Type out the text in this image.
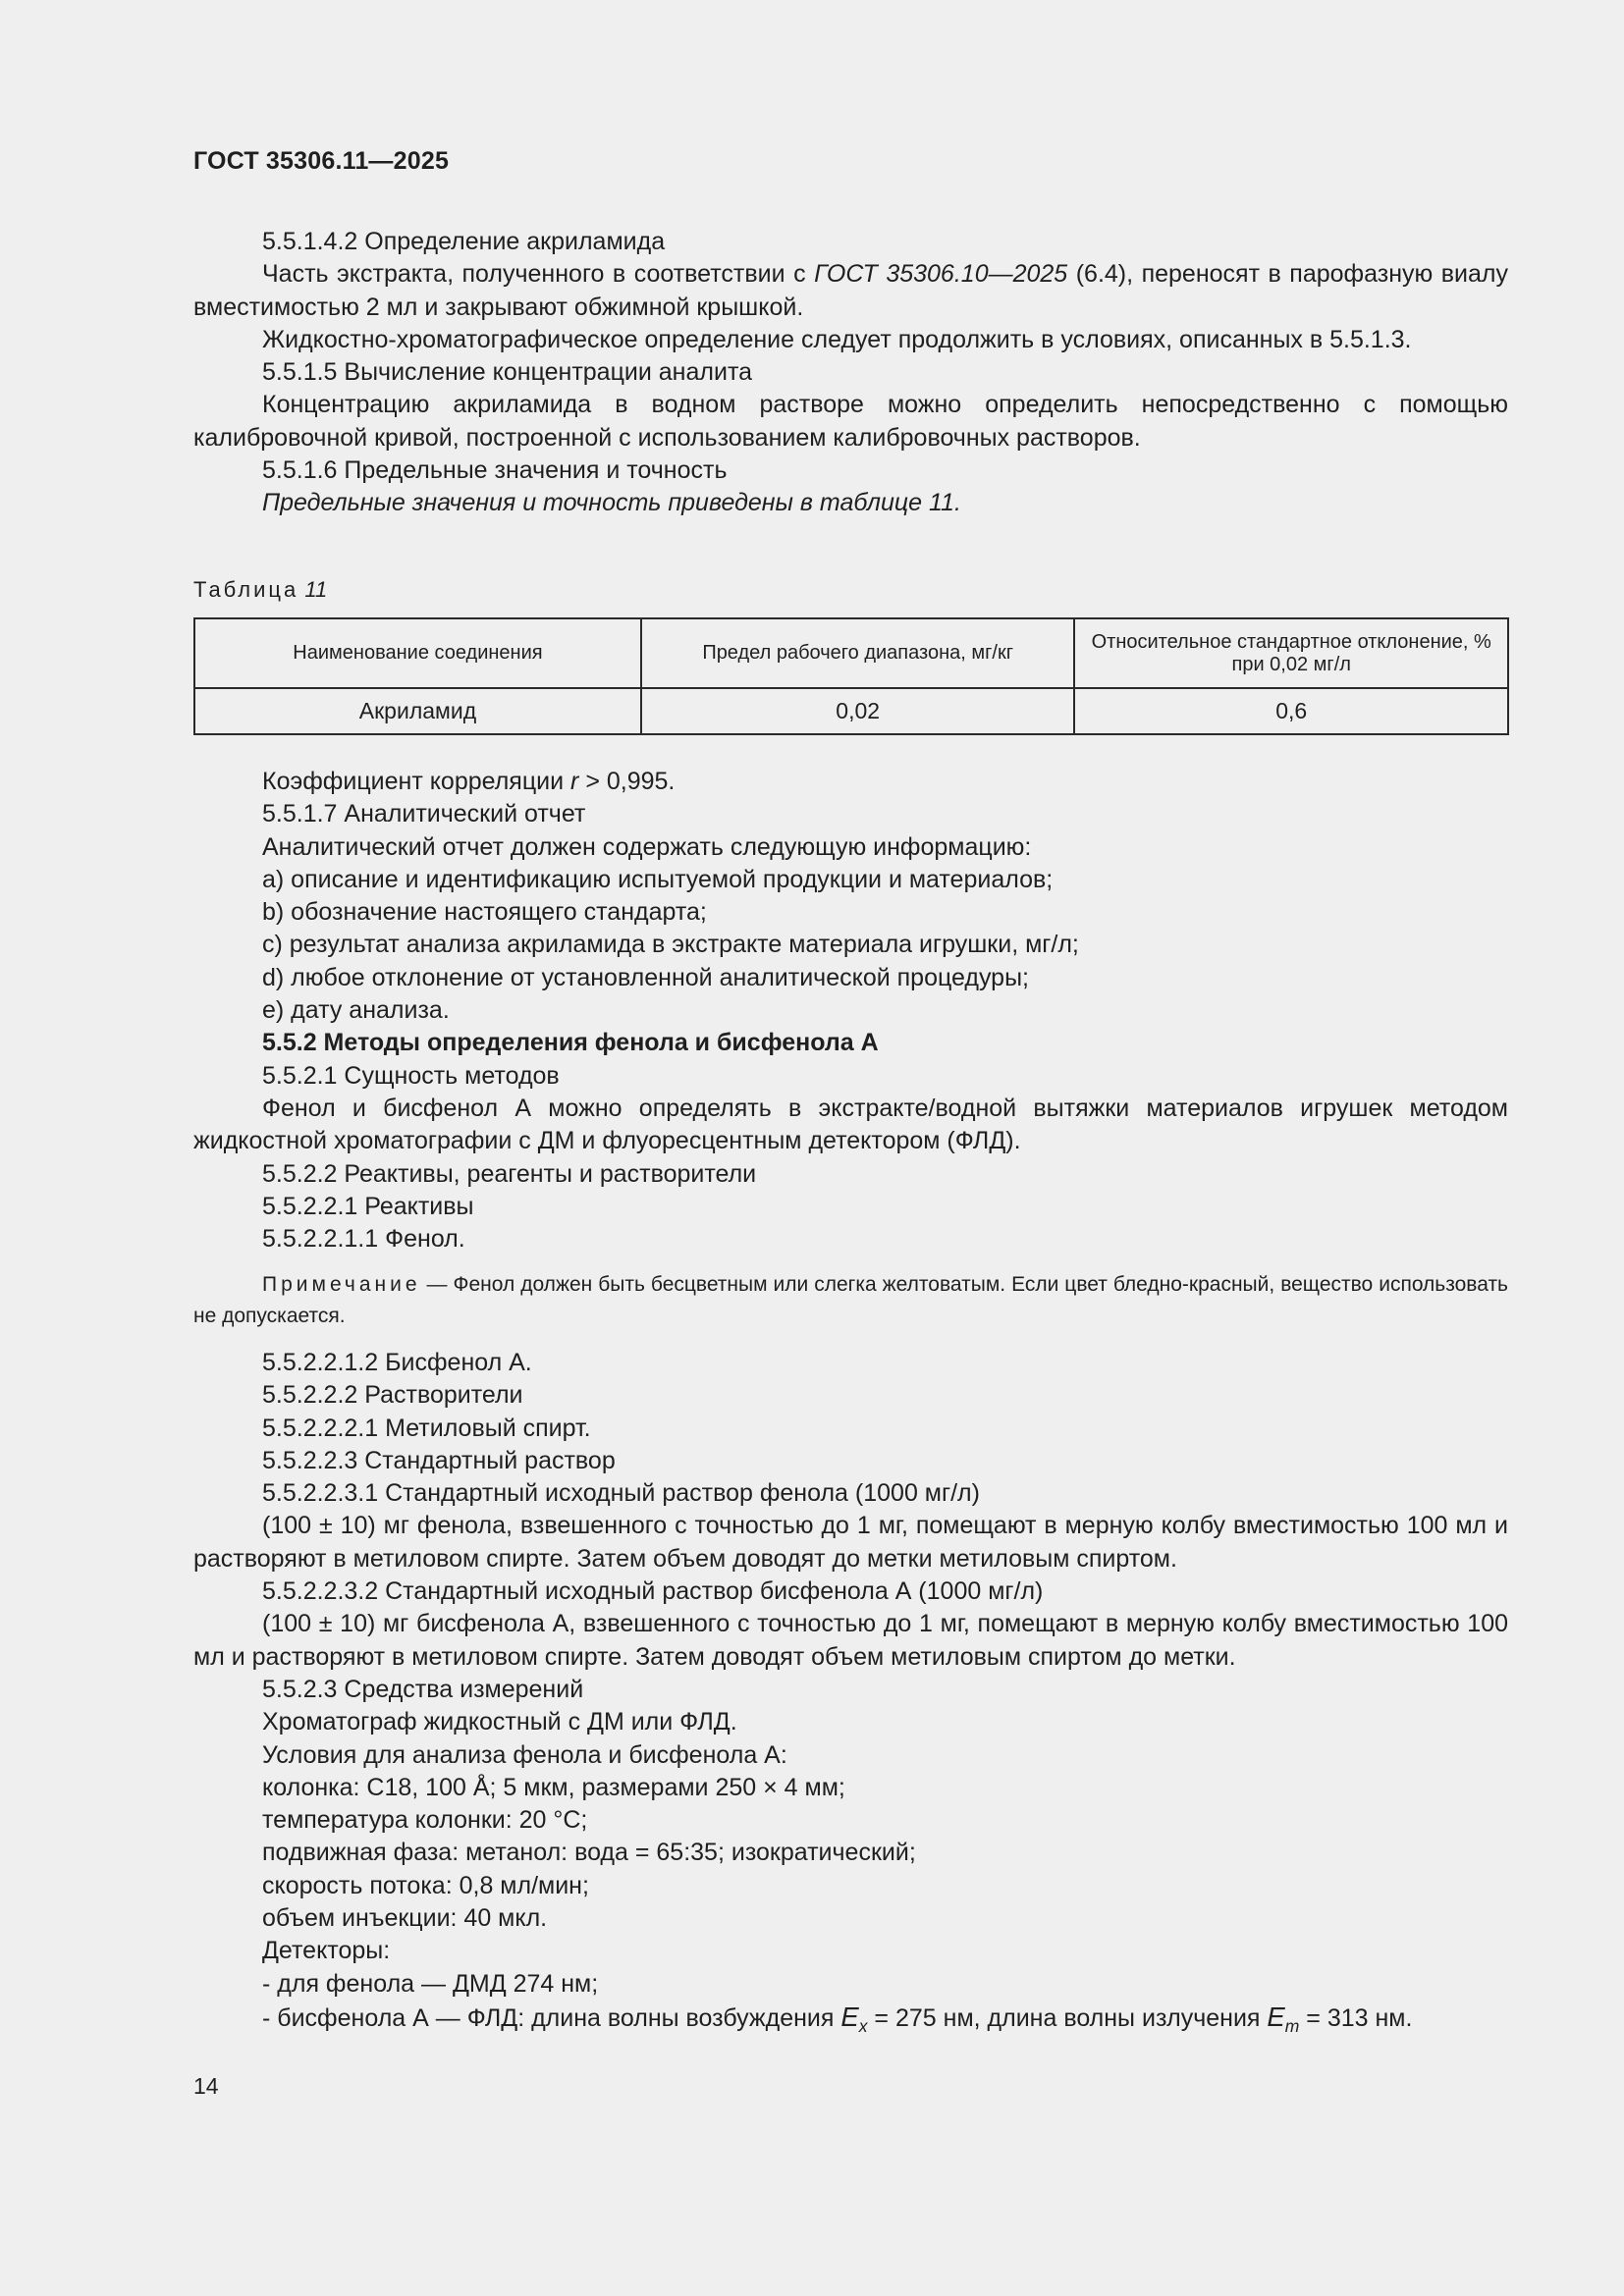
ГОСТ 35306.11—2025

5.5.1.4.2 Определение акриламида

Часть экстракта, полученного в соответствии с ГОСТ 35306.10—2025 (6.4), переносят в парофазную виалу вместимостью 2 мл и закрывают обжимной крышкой.

Жидкостно-хроматографическое определение следует продолжить в условиях, описанных в 5.5.1.3.

5.5.1.5 Вычисление концентрации аналита

Концентрацию акриламида в водном растворе можно определить непосредственно с помощью калибровочной кривой, построенной с использованием калибровочных растворов.

5.5.1.6 Предельные значения и точность

Предельные значения и точность приведены в таблице 11.

Таблица 11
Наименование соединения	Предел рабочего диапазона, мг/кг	Относительное стандартное отклонение, % при 0,02 мг/л
Акриламид	0,02	0,6

Коэффициент корреляции r > 0,995.

5.5.1.7 Аналитический отчет

Аналитический отчет должен содержать следующую информацию:

a) описание и идентификацию испытуемой продукции и материалов;

b) обозначение настоящего стандарта;

c) результат анализа акриламида в экстракте материала игрушки, мг/л;

d) любое отклонение от установленной аналитической процедуры;

e) дату анализа.

5.5.2 Методы определения фенола и бисфенола А

5.5.2.1 Сущность методов

Фенол и бисфенол А можно определять в экстракте/водной вытяжки материалов игрушек методом жидкостной хроматографии с ДМ и флуоресцентным детектором (ФЛД).

5.5.2.2 Реактивы, реагенты и растворители

5.5.2.2.1 Реактивы

5.5.2.2.1.1 Фенол.

Примечание — Фенол должен быть бесцветным или слегка желтоватым. Если цвет бледно-красный, вещество использовать не допускается.

5.5.2.2.1.2 Бисфенол А.

5.5.2.2.2 Растворители

5.5.2.2.2.1 Метиловый спирт.

5.5.2.2.3 Стандартный раствор

5.5.2.2.3.1 Стандартный исходный раствор фенола (1000 мг/л)

(100 ± 10) мг фенола, взвешенного с точностью до 1 мг, помещают в мерную колбу вместимостью 100 мл и растворяют в метиловом спирте. Затем объем доводят до метки метиловым спиртом.

5.5.2.2.3.2 Стандартный исходный раствор бисфенола А (1000 мг/л)

(100 ± 10) мг бисфенола А, взвешенного с точностью до 1 мг, помещают в мерную колбу вместимостью 100 мл и растворяют в метиловом спирте. Затем доводят объем метиловым спиртом до метки.

5.5.2.3 Средства измерений

Хроматограф жидкостный с ДМ или ФЛД.

Условия для анализа фенола и бисфенола А:

колонка: С18, 100 Å; 5 мкм, размерами 250 × 4 мм;

температура колонки: 20 °С;

подвижная фаза: метанол: вода = 65:35; изократический;

скорость потока: 0,8 мл/мин;

объем инъекции: 40 мкл.

Детекторы:

- для фенола — ДМД 274 нм;

- бисфенола А — ФЛД: длина волны возбуждения $E_x = 275$ нм, длина волны излучения $E_m = 313$ нм.

14
